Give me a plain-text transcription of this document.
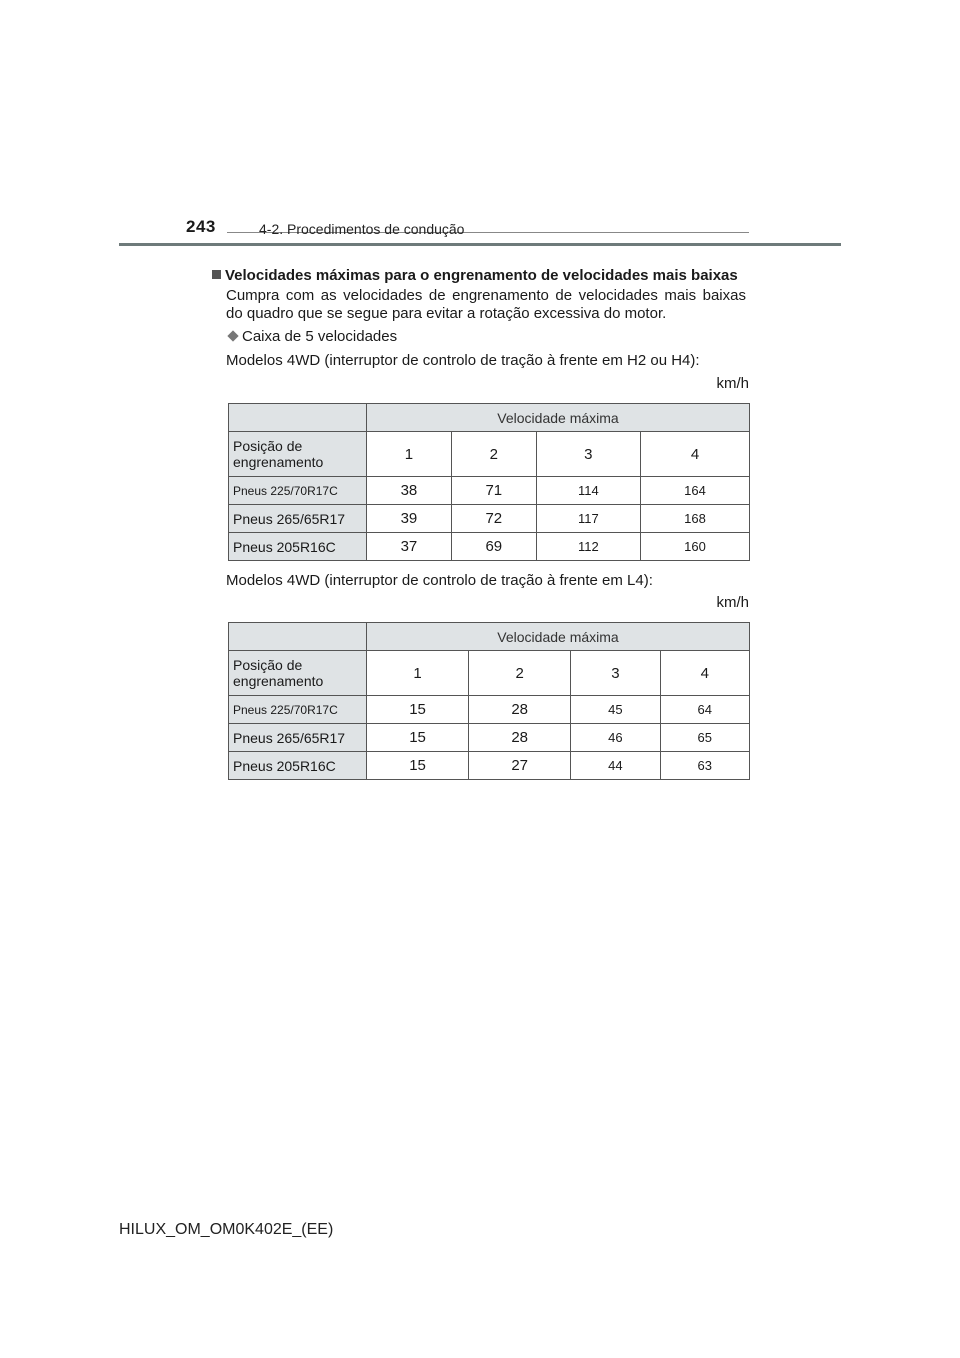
243	4-2. Procedimentos de condução
Velocidades máximas para o engrenamento de velocidades mais baixas
Cumpra com as velocidades de engrenamento de velocidades mais baixas
do quadro que se segue para evitar a rotação excessiva do motor.
Caixa de 5 velocidades
Modelos 4WD (interruptor de controlo de tração à frente em H2 ou H4):
km/h
	Velocidade máxima			
Posição de engrenamento	1	2	3	4
Pneus 225/70R17C	38	71	114	164
Pneus 265/65R17	39	72	117	168
Pneus 205R16C	37	69	112	160
Modelos 4WD (interruptor de controlo de tração à frente em L4):
km/h
	Velocidade máxima			
Posição de engrenamento	1	2	3	4
Pneus 225/70R17C	15	28	45	64
Pneus 265/65R17	15	28	46	65
Pneus 205R16C	15	27	44	63
HILUX_OM_OM0K402E_(EE)
